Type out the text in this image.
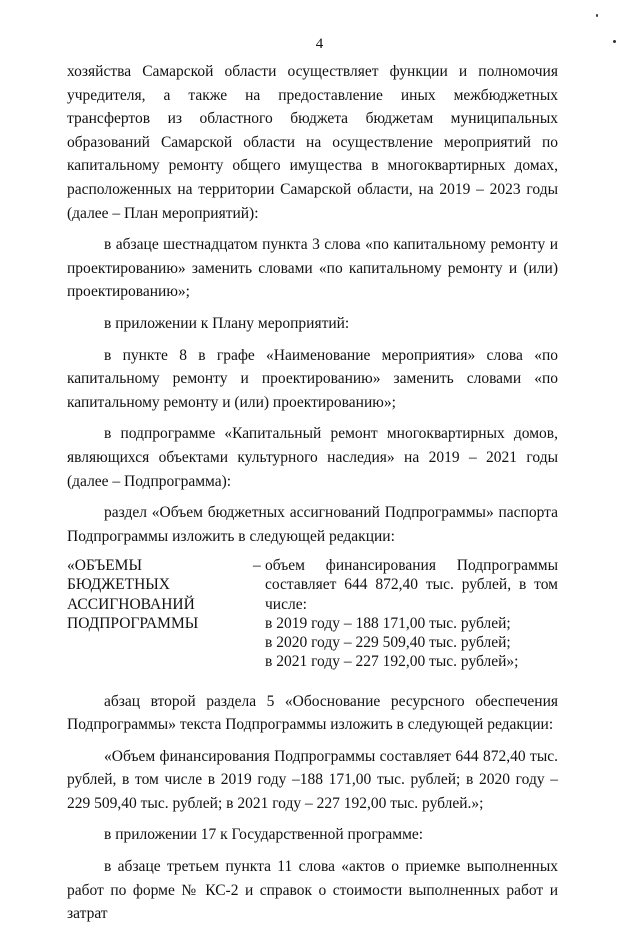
4

хозяйства Самарской области осуществляет функции и полномочия учредителя, а также на предоставление иных межбюджетных трансфертов из областного бюджета бюджетам муниципальных образований Самарской области на осуществление мероприятий по капитальному ремонту общего имущества в многоквартирных домах, расположенных на территории Самарской области, на 2019 – 2023 годы (далее – План мероприятий):

в абзаце шестнадцатом пункта 3 слова «по капитальному ремонту и проектированию» заменить словами «по капитальному ремонту и (или) проектированию»;

в приложении к Плану мероприятий:

в пункте 8 в графе «Наименование мероприятия» слова «по капитальному ремонту и проектированию» заменить словами «по капитальному ремонту и (или) проектированию»;

в подпрограмме «Капитальный ремонт многоквартирных домов, являющихся объектами культурного наследия» на 2019 – 2021 годы (далее – Подпрограмма):

раздел «Объем бюджетных ассигнований Подпрограммы» паспорта Подпрограммы изложить в следующей редакции:

«ОБЪЕМЫ
БЮДЖЕТНЫХ
АССИГНОВАНИЙ
ПОДПРОГРАММЫ
– объем финансирования Подпрограммы составляет 644 872,40 тыс. рублей, в том числе:
в 2019 году – 188 171,00 тыс. рублей;
в 2020 году – 229 509,40 тыс. рублей;
в 2021 году – 227 192,00 тыс. рублей»;

абзац второй раздела 5 «Обоснование ресурсного обеспечения Подпрограммы» текста Подпрограммы изложить в следующей редакции:

«Объем финансирования Подпрограммы составляет 644 872,40 тыс. рублей, в том числе в 2019 году –188 171,00 тыс. рублей; в 2020 году – 229 509,40 тыс. рублей; в 2021 году – 227 192,00 тыс. рублей.»;

в приложении 17 к Государственной программе:

в абзаце третьем пункта 11 слова «актов о приемке выполненных работ по форме № КС-2 и справок о стоимости выполненных работ и затрат
